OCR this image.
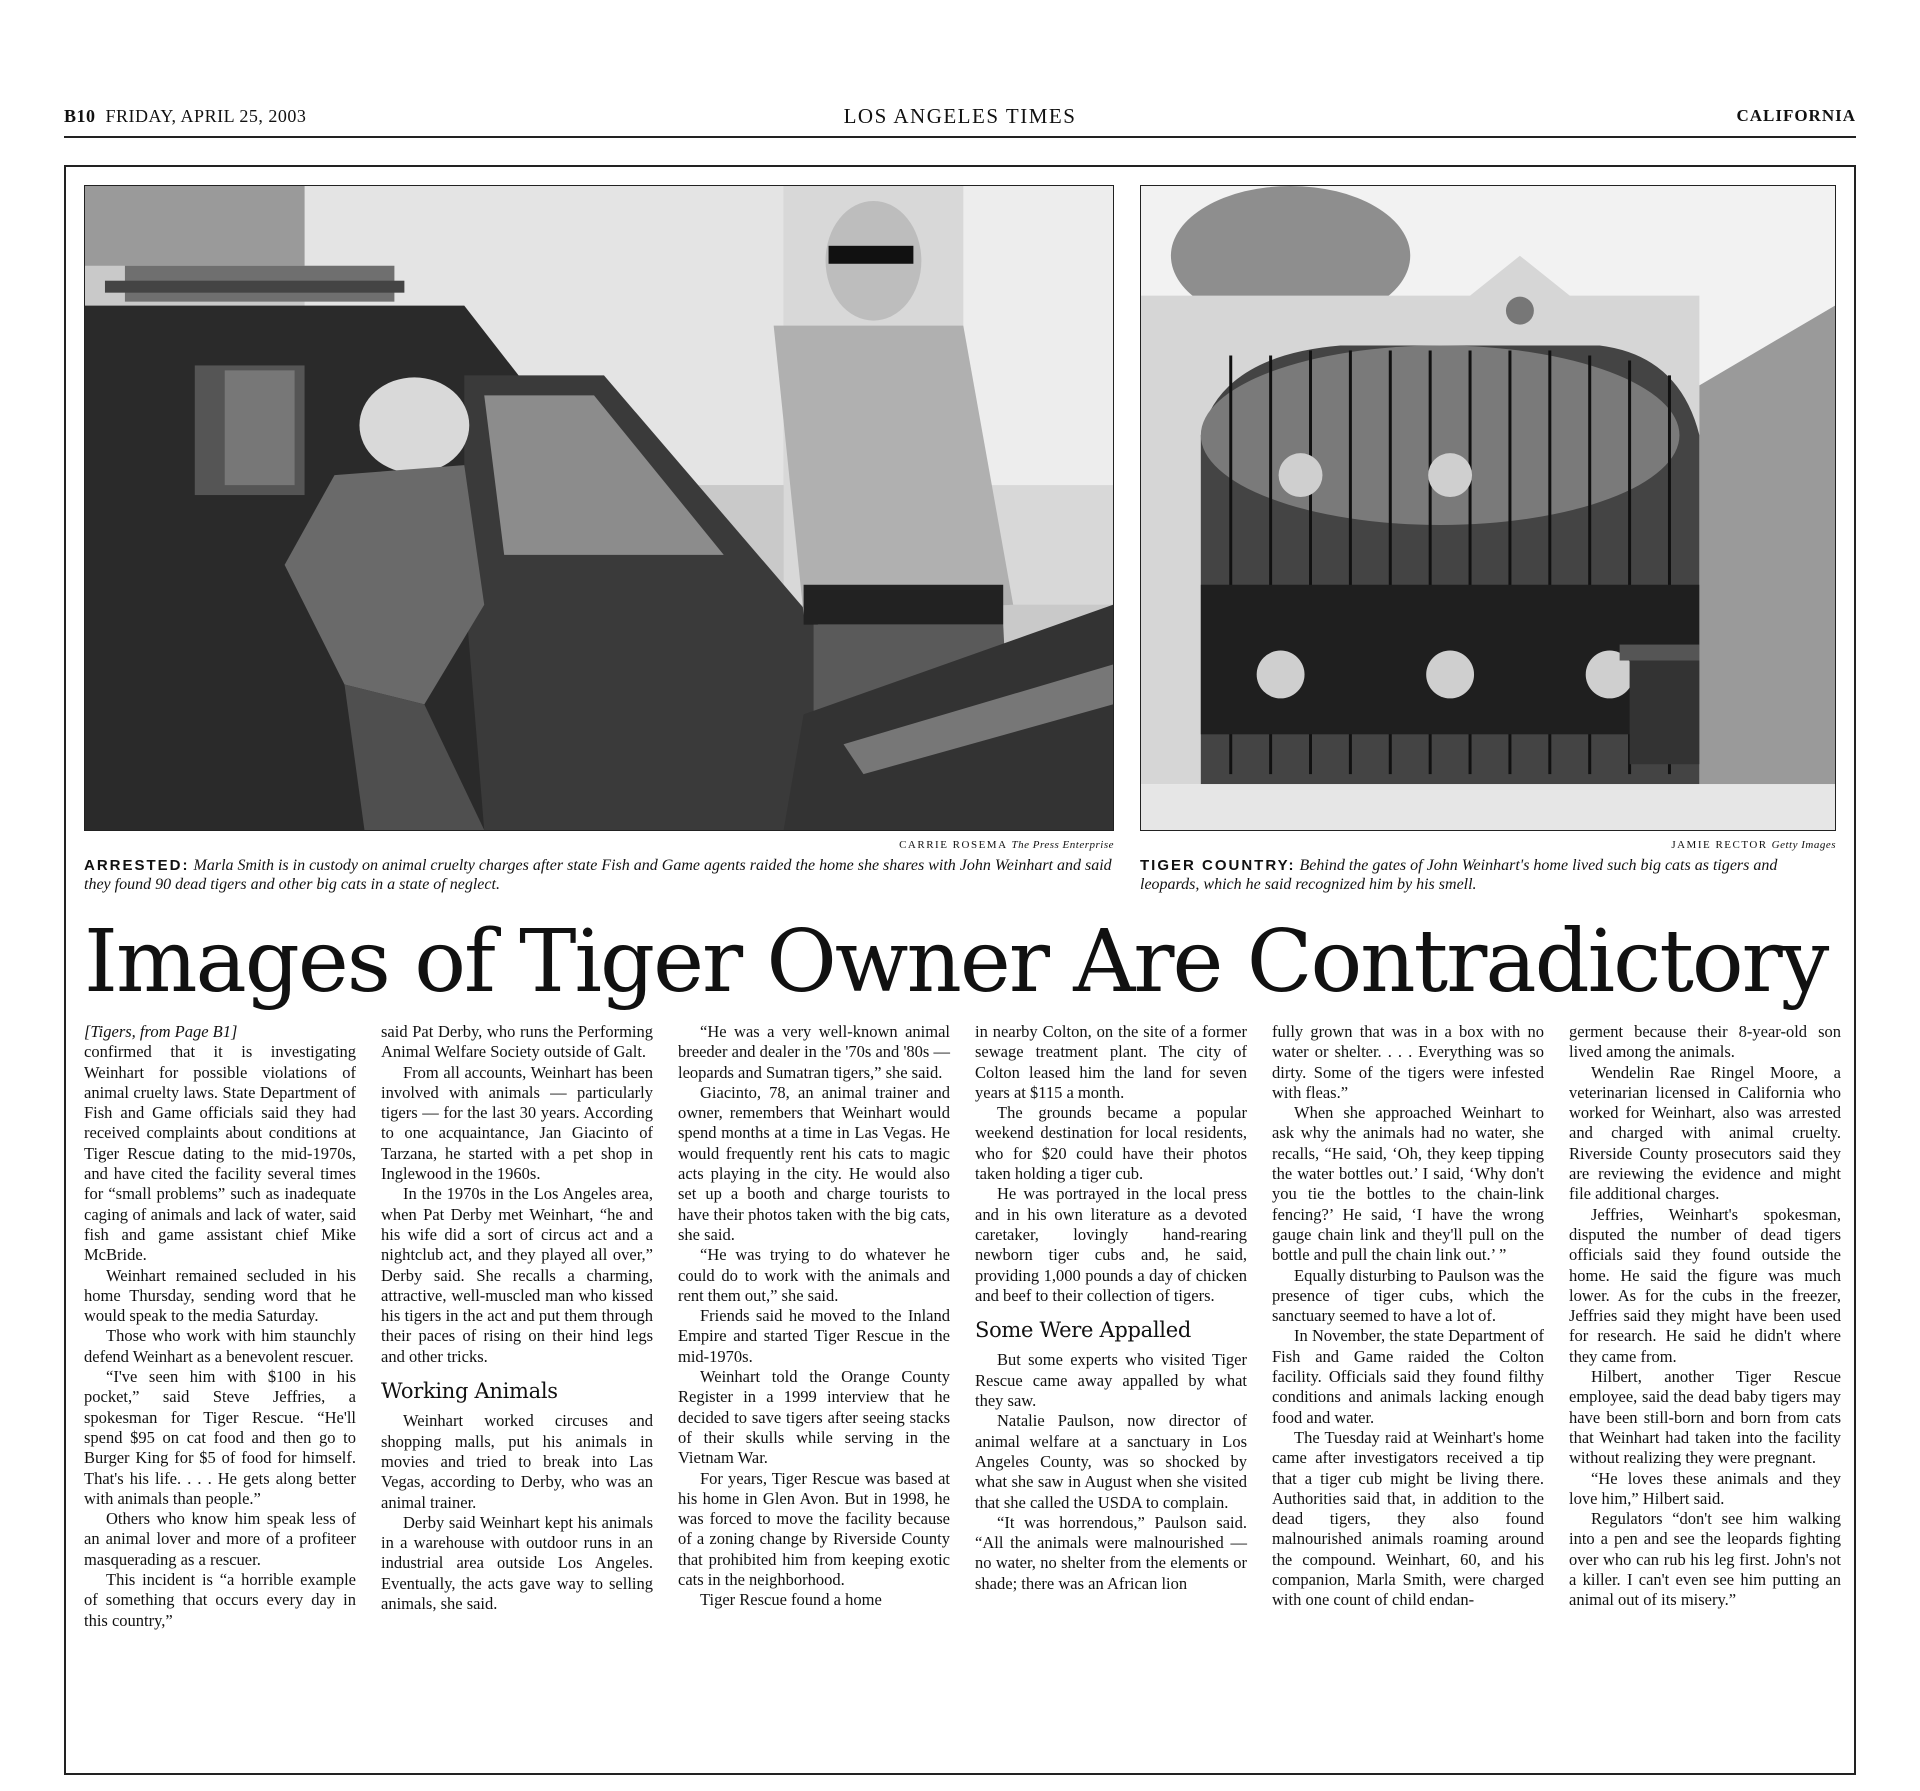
B10 FRIDAY, APRIL 25, 2003	LOS ANGELES TIMES	CALIFORNIA
CARRIE ROSEMA The Press Enterprise
ARRESTED: Marla Smith is in custody on animal cruelty charges after state Fish and Game agents raided the home she shares with John Weinhart and said they found 90 dead tigers and other big cats in a state of neglect.
JAMIE RECTOR Getty Images
TIGER COUNTRY: Behind the gates of John Weinhart's home lived such big cats as tigers and leopards, which he said recognized him by his smell.
Images of Tiger Owner Are Contradictory

[Tigers, from Page B1]

confirmed that it is investigating Weinhart for possible violations of animal cruelty laws. State Department of Fish and Game officials said they had received complaints about conditions at Tiger Rescue dating to the mid-1970s, and have cited the facility several times for “small problems” such as inadequate caging of animals and lack of water, said fish and game assistant chief Mike McBride.

Weinhart remained secluded in his home Thursday, sending word that he would speak to the media Saturday.

Those who work with him staunchly defend Weinhart as a benevolent rescuer.

“I've seen him with $100 in his pocket,” said Steve Jeffries, a spokesman for Tiger Rescue. “He'll spend $95 on cat food and then go to Burger King for $5 of food for himself. That's his life. . . . He gets along better with animals than people.”

Others who know him speak less of an animal lover and more of a profiteer masquerading as a rescuer.

This incident is “a horrible example of something that occurs every day in this country,”

said Pat Derby, who runs the Performing Animal Welfare Society outside of Galt.

From all accounts, Weinhart has been involved with animals — particularly tigers — for the last 30 years. According to one acquaintance, Jan Giacinto of Tarzana, he started with a pet shop in Inglewood in the 1960s.

In the 1970s in the Los Angeles area, when Pat Derby met Weinhart, “he and his wife did a sort of circus act and a nightclub act, and they played all over,” Derby said. She recalls a charming, attractive, well-muscled man who kissed his tigers in the act and put them through their paces of rising on their hind legs and other tricks.

Working Animals

Weinhart worked circuses and shopping malls, put his animals in movies and tried to break into Las Vegas, according to Derby, who was an animal trainer.

Derby said Weinhart kept his animals in a warehouse with outdoor runs in an industrial area outside Los Angeles. Eventually, the acts gave way to selling animals, she said.

“He was a very well-known animal breeder and dealer in the '70s and '80s — leopards and Sumatran tigers,” she said.

Giacinto, 78, an animal trainer and owner, remembers that Weinhart would spend months at a time in Las Vegas. He would frequently rent his cats to magic acts playing in the city. He would also set up a booth and charge tourists to have their photos taken with the big cats, she said.

“He was trying to do whatever he could do to work with the animals and rent them out,” she said.

Friends said he moved to the Inland Empire and started Tiger Rescue in the mid-1970s.

Weinhart told the Orange County Register in a 1999 interview that he decided to save tigers after seeing stacks of their skulls while serving in the Vietnam War.

For years, Tiger Rescue was based at his home in Glen Avon. But in 1998, he was forced to move the facility because of a zoning change by Riverside County that prohibited him from keeping exotic cats in the neighborhood.

Tiger Rescue found a home

in nearby Colton, on the site of a former sewage treatment plant. The city of Colton leased him the land for seven years at $115 a month.

The grounds became a popular weekend destination for local residents, who for $20 could have their photos taken holding a tiger cub.

He was portrayed in the local press and in his own literature as a devoted caretaker, lovingly hand-rearing newborn tiger cubs and, he said, providing 1,000 pounds a day of chicken and beef to their collection of tigers.

Some Were Appalled

But some experts who visited Tiger Rescue came away appalled by what they saw.

Natalie Paulson, now director of animal welfare at a sanctuary in Los Angeles County, was so shocked by what she saw in August when she visited that she called the USDA to complain.

“It was horrendous,” Paulson said. “All the animals were malnourished — no water, no shelter from the elements or shade; there was an African lion

fully grown that was in a box with no water or shelter. . . . Everything was so dirty. Some of the tigers were infested with fleas.”

When she approached Weinhart to ask why the animals had no water, she recalls, “He said, ‘Oh, they keep tipping the water bottles out.’ I said, ‘Why don't you tie the bottles to the chain-link fencing?’ He said, ‘I have the wrong gauge chain link and they'll pull on the bottle and pull the chain link out.’ ”

Equally disturbing to Paulson was the presence of tiger cubs, which the sanctuary seemed to have a lot of.

In November, the state Department of Fish and Game raided the Colton facility. Officials said they found filthy conditions and animals lacking enough food and water.

The Tuesday raid at Weinhart's home came after investigators received a tip that a tiger cub might be living there. Authorities said that, in addition to the dead tigers, they also found malnourished animals roaming around the compound. Weinhart, 60, and his companion, Marla Smith, were charged with one count of child endan-

germent because their 8-year-old son lived among the animals.

Wendelin Rae Ringel Moore, a veterinarian licensed in California who worked for Weinhart, also was arrested and charged with animal cruelty. Riverside County prosecutors said they are reviewing the evidence and might file additional charges.

Jeffries, Weinhart's spokesman, disputed the number of dead tigers officials said they found outside the home. He said the figure was much lower. As for the cubs in the freezer, Jeffries said they might have been used for research. He said he didn't where they came from.

Hilbert, another Tiger Rescue employee, said the dead baby tigers may have been still-born and born from cats that Weinhart had taken into the facility without realizing they were pregnant.

“He loves these animals and they love him,” Hilbert said.

Regulators “don't see him walking into a pen and see the leopards fighting over who can rub his leg first. John's not a killer. I can't even see him putting an animal out of its misery.”
